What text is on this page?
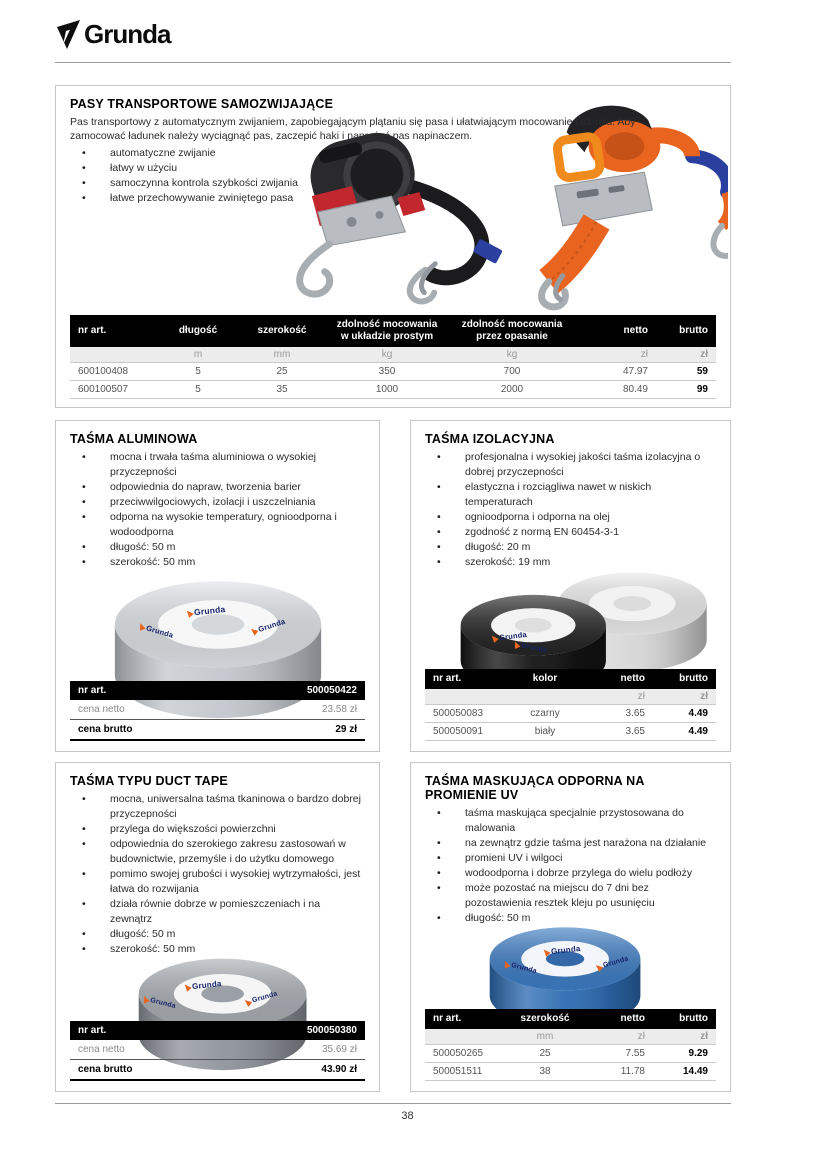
Grunda
PASY TRANSPORTOWE SAMOZWIJAJĄCE

Pas transportowy z automatycznym zwijaniem, zapobiegającym plątaniu się pasa i ułatwiającym mocowanie ładunku. Aby zamocować ładunek należy wyciągnąć pas, zaczepić haki i naprężyć pas napinaczem.

• automatyczne zwijanie
• łatwy w użyciu
• samoczynna kontrola szybkości zwijania
• łatwe przechowywanie zwiniętego pasa
nr art.	długość	szerokość	zdolność mocowania w układzie prostym	zdolność mocowania przez opasanie	netto	brutto
	m	mm	kg	kg	zł	zł
600100408	5	25	350	700	47.97	59
600100507	5	35	1000	2000	80.49	99
TAŚMA ALUMINOWA
• mocna i trwała taśma aluminiowa o wysokiej przyczepności
• odpowiednia do napraw, tworzenia barier
• przeciwwilgociowych, izolacji i uszczelniania
• odporna na wysokie temperatury, ognioodporna i wodoodporna
• długość: 50 m
• szerokość: 50 mm
Grunda
Grunda	Grunda
nr art.	500050422
cena netto	23.58 zł
cena brutto	29 zł
TAŚMA IZOLACYJNA
• profesjonalna i wysokiej jakości taśma izolacyjna o dobrej przyczepności
• elastyczna i rozciągliwa nawet w niskich temperaturach
• ognioodporna i odporna na olej
• zgodność z normą EN 60454-3-1
• długość: 20 m
• szerokość: 19 mm
Grunda
Grunda
nr art.	kolor	netto	brutto
		zł	zł
500050083	czarny	3.65	4.49
500050091	biały	3.65	4.49
TAŚMA TYPU DUCT TAPE
• mocna, uniwersalna taśma tkaninowa o bardzo dobrej przyczepności
• przylega do większości powierzchni
• odpowiednia do szerokiego zakresu zastosowań w budownictwie, przemyśle i do użytku domowego
• pomimo swojej grubości i wysokiej wytrzymałości, jest łatwa do rozwijania
• działa równie dobrze w pomieszczeniach i na zewnątrz
• długość: 50 m
• szerokość: 50 mm
Grunda
Grunda	Grunda
nr art.	500050380
cena netto	35.69 zł
cena brutto	43.90 zł
TAŚMA MASKUJĄCA ODPORNA NA PROMIENIE UV
• taśma maskująca specjalnie przystosowana do malowania
• na zewnątrz gdzie taśma jest narażona na działanie
• promieni UV i wilgoci
• wodoodporna i dobrze przylega do wielu podłoży
• może pozostać na miejscu do 7 dni bez pozostawienia resztek kleju po usunięciu
• długość: 50 m
Grunda
Grunda	Grunda
nr art.	szerokość	netto	brutto
	mm	zł	zł
500050265	25	7.55	9.29
500051511	38	11.78	14.49
38
